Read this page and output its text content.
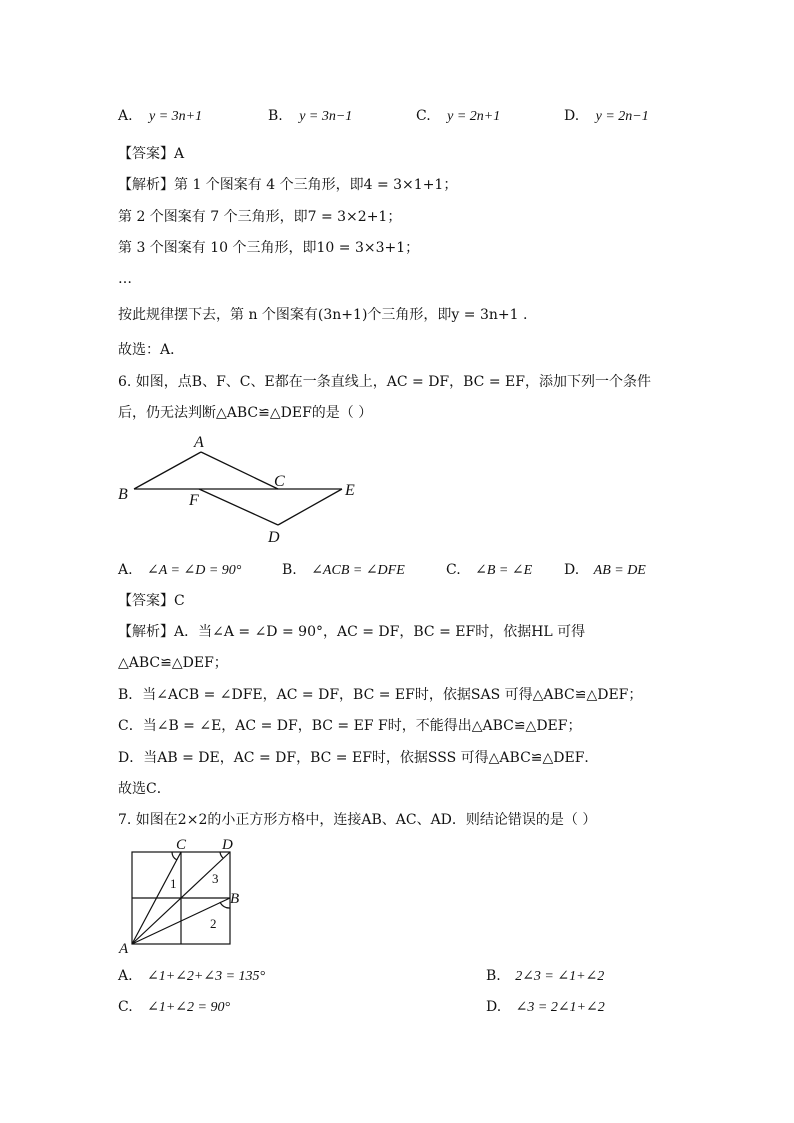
A. y = 3n+1	B. y = 3n−1	C. y = 2n+1	D. y = 2n−1
【答案】A
【解析】第 1 个图案有 4 个三角形，即4 = 3×1+1；
第 2 个图案有 7 个三角形，即7 = 3×2+1；
第 3 个图案有 10 个三角形，即10 = 3×3+1；
…
按此规律摆下去，第 n 个图案有(3n+1)个三角形，即y = 3n+1 .
故选：A．
6. 如图，点B、F、C、E都在一条直线上，AC = DF，BC = EF，添加下列一个条件
后，仍无法判断△ABC≌△DEF的是（ ）
A
B	F
C
E
D
A. ∠A = ∠D = 90°	B. ∠ACB = ∠DFE	C. ∠B = ∠E D. AB = DE
【答案】C
【解析】A．当∠A = ∠D = 90°，AC = DF，BC = EF时，依据HL 可得
△ABC≌△DEF；
B．当∠ACB = ∠DFE，AC = DF，BC = EF时，依据SAS 可得△ABC≌△DEF；
C．当∠B = ∠E，AC = DF，BC = EF F时，不能得出△ABC≌△DEF；
D．当AB = DE，AC = DF，BC = EF时，依据SSS 可得△ABC≌△DEF．
故选C．
7. 如图在2×2的小正方形方格中，连接AB、AC、AD．则结论错误的是（ ）
C D
B
A
1	3
2
A. ∠1+∠2+∠3 = 135°	B. 2∠3 = ∠1+∠2
C. ∠1+∠2 = 90°	D. ∠3 = 2∠1+∠2
